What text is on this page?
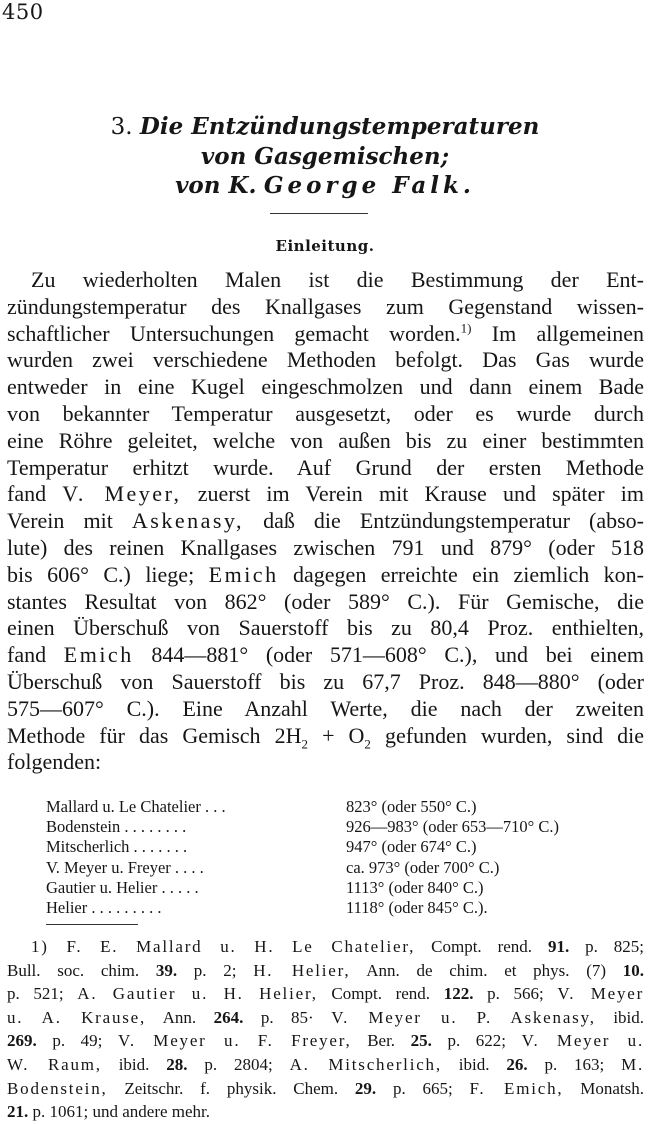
450
3. Die Entzündungstemperaturen
von Gasgemischen;
von K. George Falk.
Einleitung.
Zu wiederholten Malen ist die Bestimmung der Ent-
zündungstemperatur des Knallgases zum Gegenstand wissen-
schaftlicher Untersuchungen gemacht worden.$^{1)}$ Im allgemeinen
wurden zwei verschiedene Methoden befolgt. Das Gas wurde
entweder in eine Kugel eingeschmolzen und dann einem Bade
von bekannter Temperatur ausgesetzt, oder es wurde durch
eine Röhre geleitet, welche von außen bis zu einer bestimmten
Temperatur erhitzt wurde. Auf Grund der ersten Methode
fand V. Meyer, zuerst im Verein mit Krause und später im
Verein mit Askenasy, daß die Entzündungstemperatur (abso-
lute) des reinen Knallgases zwischen 791 und 879° (oder 518
bis 606° C.) liege; Emich dagegen erreichte ein ziemlich kon-
stantes Resultat von 862° (oder 589° C.). Für Gemische, die
einen Überschuß von Sauerstoff bis zu 80,4 Proz. enthielten,
fand Emich 844—881° (oder 571—608° C.), und bei einem
Überschuß von Sauerstoff bis zu 67,7 Proz. 848—880° (oder
575—607° C.). Eine Anzahl Werte, die nach der zweiten
Methode für das Gemisch $2H_2 + O_2$ gefunden wurden, sind die
folgenden:
Mallard u. Le Chatelier . . .	823° (oder 550° C.)
Bodenstein . . . . . . . .	926—983° (oder 653—710° C.)
Mitscherlich . . . . . . .	947° (oder 674° C.)
V. Meyer u. Freyer . . . .	ca. 973° (oder 700° C.)
Gautier u. Helier . . . . .	1113° (oder 840° C.)
Helier . . . . . . . . .	1118° (oder 845° C.).
1) F. E. Mallard u. H. Le Chatelier, Compt. rend. 91. p. 825;
Bull. soc. chim. 39. p. 2; H. Helier, Ann. de chim. et phys. (7) 10.
p. 521; A. Gautier u. H. Helier, Compt. rend. 122. p. 566; V. Meyer
u. A. Krause, Ann. 264. p. 85· V. Meyer u. P. Askenasy, ibid.
269. p. 49; V. Meyer u. F. Freyer, Ber. 25. p. 622; V. Meyer u.
W. Raum, ibid. 28. p. 2804; A. Mitscherlich, ibid. 26. p. 163; M.
Bodenstein, Zeitschr. f. physik. Chem. 29. p. 665; F. Emich, Monatsh.
21. p. 1061; und andere mehr.
